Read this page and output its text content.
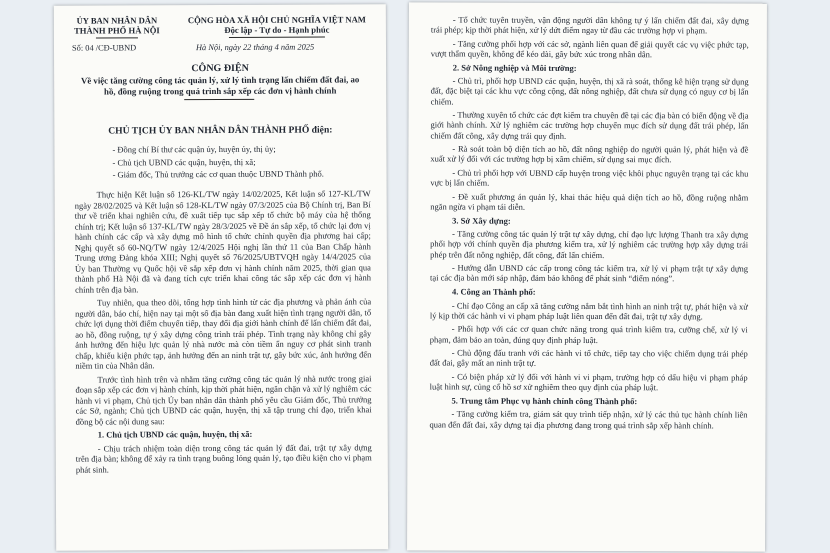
ỦY BAN NHÂN DÂN
THÀNH PHỐ HÀ NỘI
Số: 04 /CĐ-UBND
CỘNG HÒA XÃ HỘI CHỦ NGHĨA VIỆT NAM
Độc lập - Tự do - Hạnh phúc
Hà Nội, ngày 22 tháng 4 năm 2025
CÔNG ĐIỆN
Về việc tăng cường công tác quản lý, xử lý tình trạng lấn chiếm đất đai, ao
hồ, đồng ruộng trong quá trình sắp xếp các đơn vị hành chính
CHỦ TỊCH ỦY BAN NHÂN DÂN THÀNH PHỐ điện:
- Đồng chí Bí thư các quận ủy, huyện ủy, thị ủy;
- Chủ tịch UBND các quận, huyện, thị xã;
- Giám đốc, Thủ trưởng các cơ quan thuộc UBND Thành phố.

Thực hiện Kết luận số 126-KL/TW ngày 14/02/2025, Kết luận số 127-KL/TW ngày 28/02/2025 và Kết luận số 128-KL/TW ngày 07/3/2025 của Bộ Chính trị, Ban Bí thư về triển khai nghiên cứu, đề xuất tiếp tục sắp xếp tổ chức bộ máy của hệ thống chính trị; Kết luận số 137-KL/TW ngày 28/3/2025 về Đề án sắp xếp, tổ chức lại đơn vị hành chính các cấp và xây dựng mô hình tổ chức chính quyền địa phương hai cấp; Nghị quyết số 60-NQ/TW ngày 12/4/2025 Hội nghị lần thứ 11 của Ban Chấp hành Trung ương Đảng khóa XIII; Nghị quyết số 76/2025/UBTVQH ngày 14/4/2025 của Ủy ban Thường vụ Quốc hội về sắp xếp đơn vị hành chính năm 2025, thời gian qua thành phố Hà Nội đã và đang tích cực triển khai công tác sắp xếp các đơn vị hành chính trên địa bàn.

Tuy nhiên, qua theo dõi, tổng hợp tình hình từ các địa phương và phản ánh của người dân, báo chí, hiện nay tại một số địa bàn đang xuất hiện tình trạng người dân, tổ chức lợi dụng thời điểm chuyển tiếp, thay đổi địa giới hành chính để lấn chiếm đất đai, ao hồ, đồng ruộng, tự ý xây dựng công trình trái phép. Tình trạng này không chỉ gây ảnh hưởng đến hiệu lực quản lý nhà nước mà còn tiềm ẩn nguy cơ phát sinh tranh chấp, khiếu kiện phức tạp, ảnh hưởng đến an ninh trật tự, gây bức xúc, ảnh hưởng đến niềm tin của Nhân dân.

Trước tình hình trên và nhằm tăng cường công tác quản lý nhà nước trong giai đoạn sắp xếp các đơn vị hành chính, kịp thời phát hiện, ngăn chặn và xử lý nghiêm các hành vi vi phạm, Chủ tịch Ủy ban nhân dân thành phố yêu cầu Giám đốc, Thủ trưởng các Sở, ngành; Chủ tịch UBND các quận, huyện, thị xã tập trung chỉ đạo, triển khai đồng bộ các nội dung sau:

1. Chủ tịch UBND các quận, huyện, thị xã:

- Chịu trách nhiệm toàn diện trong công tác quản lý đất đai, trật tự xây dựng trên địa bàn; không để xảy ra tình trạng buông lỏng quản lý, tạo điều kiện cho vi phạm phát sinh.

- Tổ chức tuyên truyền, vận động người dân không tự ý lấn chiếm đất đai, xây dựng trái phép; kịp thời phát hiện, xử lý dứt điểm ngay từ đầu các trường hợp vi phạm.

- Tăng cường phối hợp với các sở, ngành liên quan để giải quyết các vụ việc phức tạp, vượt thẩm quyền, không để kéo dài, gây bức xúc trong nhân dân.

2. Sở Nông nghiệp và Môi trường:

- Chủ trì, phối hợp UBND các quận, huyện, thị xã rà soát, thống kê hiện trạng sử dụng đất, đặc biệt tại các khu vực công cộng, đất nông nghiệp, đất chưa sử dụng có nguy cơ bị lấn chiếm.

- Thường xuyên tổ chức các đợt kiểm tra chuyên đề tại các địa bàn có biến động về địa giới hành chính. Xử lý nghiêm các trường hợp chuyển mục đích sử dụng đất trái phép, lấn chiếm đất công, xây dựng trái quy định.

- Rà soát toàn bộ diện tích ao hồ, đất nông nghiệp do người quản lý, phát hiện và đề xuất xử lý đối với các trường hợp bị xâm chiếm, sử dụng sai mục đích.

- Chủ trì phối hợp với UBND cấp huyện trong việc khôi phục nguyên trạng tại các khu vực bị lấn chiếm.

- Đề xuất phương án quản lý, khai thác hiệu quả diện tích ao hồ, đồng ruộng nhằm ngăn ngừa vi phạm tái diễn.

3. Sở Xây dựng:

- Tăng cường công tác quản lý trật tự xây dựng, chỉ đạo lực lượng Thanh tra xây dựng phối hợp với chính quyền địa phương kiểm tra, xử lý nghiêm các trường hợp xây dựng trái phép trên đất nông nghiệp, đất công, đất lấn chiếm.

- Hướng dẫn UBND các cấp trong công tác kiểm tra, xử lý vi phạm trật tự xây dựng tại các địa bàn mới sáp nhập, đảm bảo không để phát sinh “điểm nóng”.

4. Công an Thành phố:

- Chỉ đạo Công an cấp xã tăng cường nắm bắt tình hình an ninh trật tự, phát hiện và xử lý kịp thời các hành vi vi phạm pháp luật liên quan đến đất đai, trật tự xây dựng.

- Phối hợp với các cơ quan chức năng trong quá trình kiểm tra, cưỡng chế, xử lý vi phạm, đảm bảo an toàn, đúng quy định pháp luật.

- Chủ động đấu tranh với các hành vi tổ chức, tiếp tay cho việc chiếm dụng trái phép đất đai, gây mất an ninh trật tự.

- Có biện pháp xử lý đối với hành vi vi phạm, trường hợp có dấu hiệu vi phạm pháp luật hình sự, củng cố hồ sơ xử nghiêm theo quy định của pháp luật.

5. Trung tâm Phục vụ hành chính công Thành phố:

- Tăng cường kiểm tra, giám sát quy trình tiếp nhận, xử lý các thủ tục hành chính liên quan đến đất đai, xây dựng tại địa phương đang trong quá trình sắp xếp hành chính.
